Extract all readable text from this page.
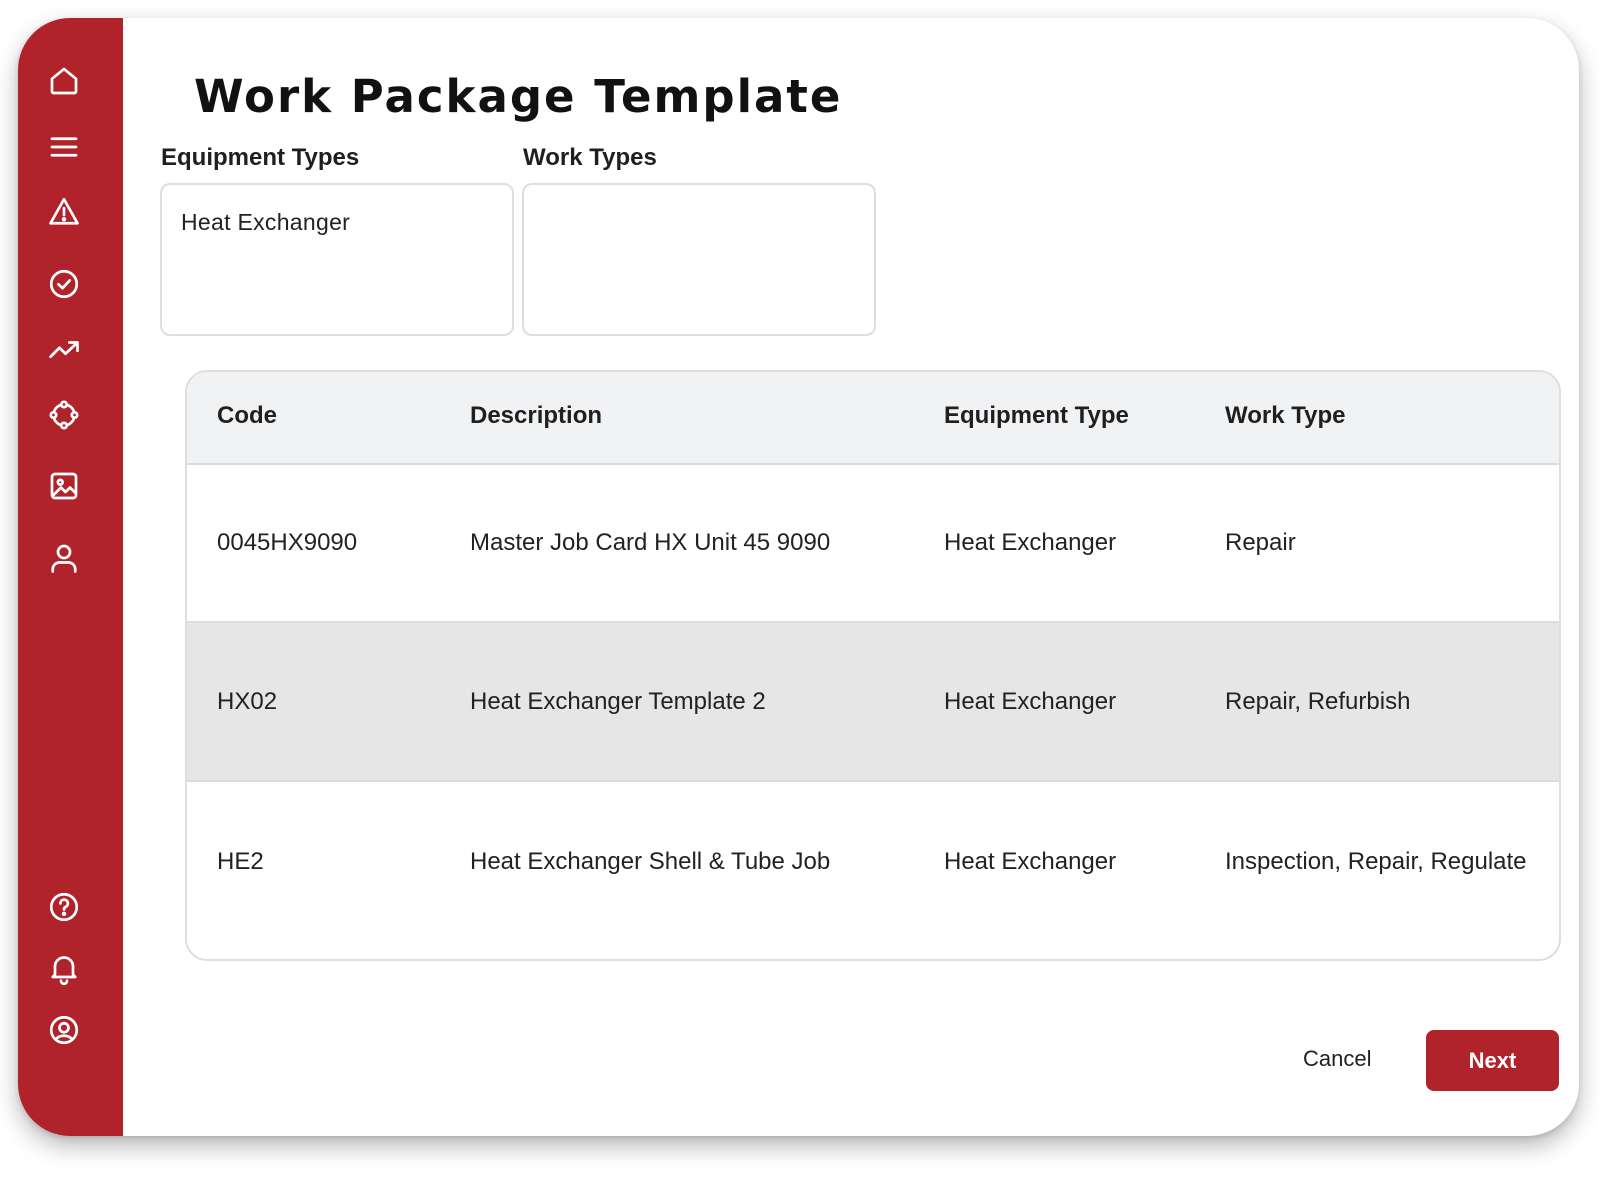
Work Package Template
Equipment Types
Heat Exchanger
Work Types
Code	Description	Equipment Type	Work Type
0045HX9090	Master Job Card HX Unit 45 9090	Heat Exchanger	Repair
HX02	Heat Exchanger Template 2	Heat Exchanger	Repair, Refurbish
HE2	Heat Exchanger Shell & Tube Job	Heat Exchanger	Inspection, Repair, Regulate
Cancel	Next
